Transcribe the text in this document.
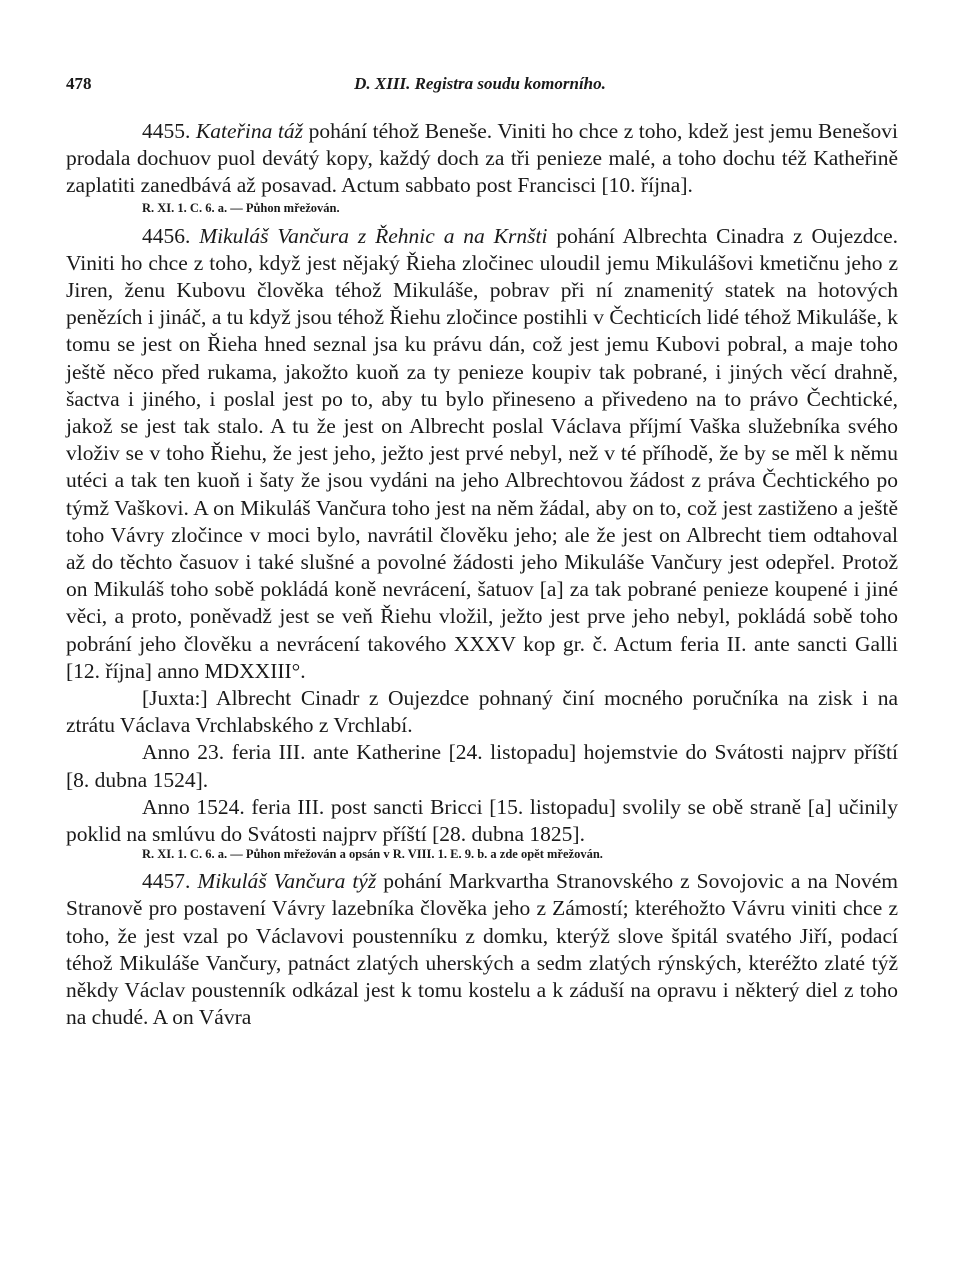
478	D. XIII. Registra soudu komorního.

4455. Kateřina táž pohání téhož Beneše. Viniti ho chce z toho, kdež jest jemu Benešovi prodala dochuov puol devátý kopy, každý doch za tři penieze malé, a toho dochu též Katheřině zaplatiti zanedbává až posavad. Actum sabbato post Francisci [10. října].

R. XI. 1. C. 6. a. — Půhon mřežován.

4456. Mikuláš Vančura z Řehnic a na Krnšti pohání Albrechta Cinadra z Oujezdce. Viniti ho chce z toho, když jest nějaký Řieha zločinec uloudil jemu Mikulášovi kmetičnu jeho z Jiren, ženu Kubovu člověka téhož Mikuláše, pobrav při ní znamenitý statek na hotových penězích i jináč, a tu když jsou téhož Řiehu zločince postihli v Čechticích lidé téhož Mikuláše, k tomu se jest on Řieha hned seznal jsa ku právu dán, což jest jemu Kubovi pobral, a maje toho ještě něco před rukama, jakožto kuoň za ty penieze koupiv tak pobrané, i jiných věcí drahně, šactva i jiného, i poslal jest po to, aby tu bylo přineseno a přivedeno na to právo Čechtické, jakož se jest tak stalo. A tu že jest on Albrecht poslal Václava příjmí Vaška služebníka svého vloživ se v toho Řiehu, že jest jeho, ježto jest prvé nebyl, než v té příhodě, že by se měl k němu utéci a tak ten kuoň i šaty že jsou vydáni na jeho Albrechtovou žádost z práva Čechtického po týmž Vaškovi. A on Mikuláš Vančura toho jest na něm žádal, aby on to, což jest zastiženo a ještě toho Vávry zločince v moci bylo, navrátil člověku jeho; ale že jest on Albrecht tiem odtahoval až do těchto časuov i také slušné a povolné žádosti jeho Mikuláše Vančury jest odepřel. Protož on Mikuláš toho sobě pokládá koně nevrácení, šatuov [a] za tak pobrané penieze koupené i jiné věci, a proto, poněvadž jest se veň Řiehu vložil, ježto jest prve jeho nebyl, pokládá sobě toho pobrání jeho člověku a nevrácení takového XXXV kop gr. č. Actum feria II. ante sancti Galli [12. října] anno MDXXIII°.

[Juxta:] Albrecht Cinadr z Oujezdce pohnaný činí mocného poručníka na zisk i na ztrátu Václava Vrchlabského z Vrchlabí.

Anno 23. feria III. ante Katherine [24. listopadu] hojemstvie do Svátosti najprv příští [8. dubna 1524].

Anno 1524. feria III. post sancti Bricci [15. listopadu] svolily se obě straně [a] učinily poklid na smlúvu do Svátosti najprv příští [28. dubna 1825].

R. XI. 1. C. 6. a. — Půhon mřežován a opsán v R. VIII. 1. E. 9. b. a zde opět mřežován.

4457. Mikuláš Vančura týž pohání Markvartha Stranovského z Sovojovic a na Novém Stranově pro postavení Vávry lazebníka člověka jeho z Zámostí; kteréhožto Vávru viniti chce z toho, že jest vzal po Václavovi poustenníku z domku, kterýž slove špitál svatého Jiří, podací téhož Mikuláše Vančury, patnáct zlatých uherských a sedm zlatých rýnských, kteréžto zlaté týž někdy Václav poustenník odkázal jest k tomu kostelu a k záduší na opravu i některý diel z toho na chudé. A on Vávra
